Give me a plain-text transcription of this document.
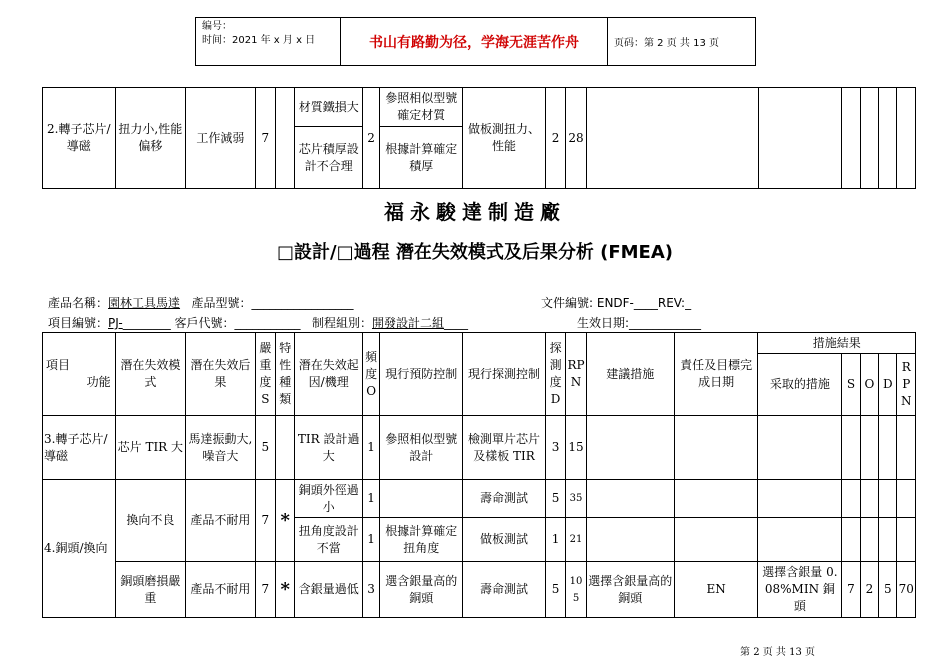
编号：
时间：2021 年 x 月 x 日	书山有路勤为径，学海无涯苦作舟	页码：第 2 页 共 13 页
2.轉子芯片/導磁	扭力小,性能偏移	工作減弱	7		材質鐵損大	2	參照相似型號確定材質	做板測扭力、性能	2	28						
					芯片積厚設計不合理		根據計算確定積厚									
福永駿達制造廠
□設計/□過程 潛在失效模式及后果分析 (FMEA)
產品名稱：園林工具馬達 產品型號：_________________	文件編號: ENDF-____REV:_
項目編號：PJ-________ 客戶代號：___________ 制程組別：開發設計二組____	生效日期:____________
項目
功能	潛在失效模式	潛在失效后果	嚴重度S	特性種類	潛在失效起因/機理	頻度O	現行預防控制	現行探測控制	探測度D	RPN	建議措施	責任及目標完成日期	措施結果				
													采取的措施	S	O	D	RPN
3.轉子芯片/導磁	芯片 TIR 大	馬達振動大,噪音大	5		TIR 設計過大	1	參照相似型號設計	檢測單片芯片及樣板 TIR	3	15							
4.銅頭/換向	換向不良	產品不耐用	7	*	銅頭外徑過小	1		壽命測試	5	35							
					扭角度設計不當	1	根據計算確定扭角度	做板測試	1	21							
	銅頭磨損嚴重	產品不耐用	7	*	含銀量過低	3	選含銀量高的銅頭	壽命測試	5	105	選擇含銀量高的銅頭	EN	選擇含銀量 0.08%MIN 銅頭	7	2	5	70
第 2 页 共 13 页
